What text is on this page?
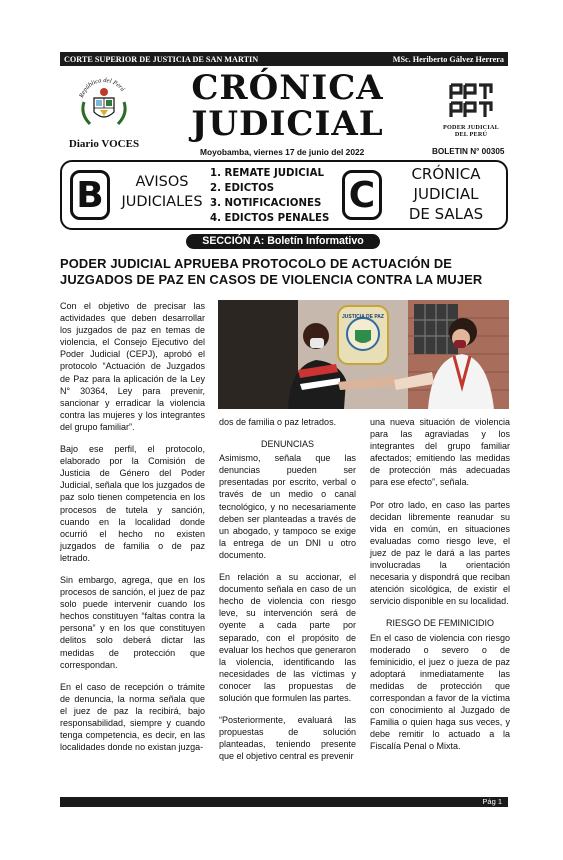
CORTE SUPERIOR DE JUSTICIA DE SAN MARTIN	MSc. Heriberto Gálvez Herrera
República del Perú
Diario VOCES
CRÓNICA
JUDICIAL
Moyobamba, viernes 17 de junio del 2022
PODER JUDICIAL
DEL PERÚ
BOLETIN N° 00305
B	AVISOS
JUDICIALES
1. REMATE JUDICIAL
2. EDICTOS
3. NOTIFICACIONES
4. EDICTOS PENALES
C
CRÓNICA
JUDICIAL
DE SALAS
SECCIÓN A: Boletín Informativo
PODER JUDICIAL APRUEBA PROTOCOLO DE ACTUACIÓN DE JUZGADOS DE PAZ EN CASOS DE VIOLENCIA CONTRA LA MUJER

Con el objetivo de precisar las actividades que deben desarrollar los juzgados de paz en temas de violencia, el Consejo Ejecutivo del Poder Judicial (CEPJ), aprobó el protocolo “Actuación de Juzgados de Paz para la aplicación de la Ley N° 30364, Ley para prevenir, sancionar y erradicar la violencia contra las mujeres y los integrantes del grupo familiar”.

Bajo ese perfil, el protocolo, elaborado por la Comisión de Justicia de Género del Poder Judicial, señala que los juzgados de paz solo tienen competencia en los procesos de tutela y sanción, cuando en la localidad donde ocurrió el hecho no existen juzgados de familia o de paz letrado.

Sin embargo, agrega, que en los procesos de sanción, el juez de paz solo puede intervenir cuando los hechos constituyen “faltas contra la persona” y en los que constituyen delitos solo deberá dictar las medidas de protección que correspondan.

En el caso de recepción o trámite de denuncia, la norma señala que el juez de paz la recibirá, bajo responsabilidad, siempre y cuando tenga competencia, es decir, en las localidades donde no existan juzga-

JUSTICIA DE PAZ

dos de familia o paz letrados.

DENUNCIAS

Asimismo, señala que las denuncias pueden ser presentadas por escrito, verbal o través de un medio o canal tecnológico, y no necesariamente deben ser planteadas a través de un abogado, y tampoco se exige la entrega de un DNI u otro documento.

En relación a su accionar, el documento señala en caso de un hecho de violencia con riesgo leve, su intervención será de oyente a cada parte por separado, con el propósito de evaluar los hechos que generaron la violencia, identificando las necesidades de las víctimas y conocer las propuestas de solución que formulen las partes.

“Posteriormente, evaluará las propuestas de solución planteadas, teniendo presente que el objetivo central es prevenir

una nueva situación de violencia para las agraviadas y los integrantes del grupo familiar afectados; emitiendo las medidas de protección más adecuadas para ese efecto”, señala.

Por otro lado, en caso las partes decidan libremente reanudar su vida en común, en situaciones evaluadas como riesgo leve, el juez de paz le dará a las partes involucradas la orientación necesaria y dispondrá que reciban atención sicológica, de existir el servicio disponible en su localidad.

RIESGO DE FEMINICIDIO

En el caso de violencia con riesgo moderado o severo o de feminicidio, el juez o jueza de paz adoptará inmediatamente las medidas de protección que correspondan a favor de la víctima con conocimiento al Juzgado de Familia o quien haga sus veces, y debe remitir lo actuado a la Fiscalía Penal o Mixta.

Pág 1
